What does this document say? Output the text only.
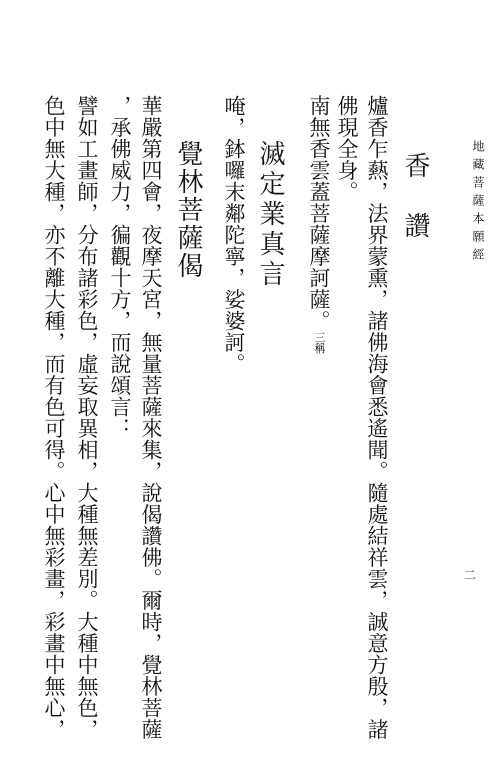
地藏菩薩本願經
二
香　讚
爐香乍爇，法界蒙熏，諸佛海會悉遙聞。隨處結祥雲，誠意方殷，諸
佛現全身。
南無香雲蓋菩薩摩訶薩。三稱
滅定業真言
唵，鉢囉末鄰陀寧，娑婆訶。
覺林菩薩偈
華嚴第四會，夜摩天宮，無量菩薩來集，說偈讚佛。爾時，覺林菩薩
，承佛威力，徧觀十方，而說頌言：
譬如工畫師，分布諸彩色，虛妄取異相，大種無差別。大種中無色，
色中無大種，亦不離大種，而有色可得。心中無彩畫，彩畫中無心，
